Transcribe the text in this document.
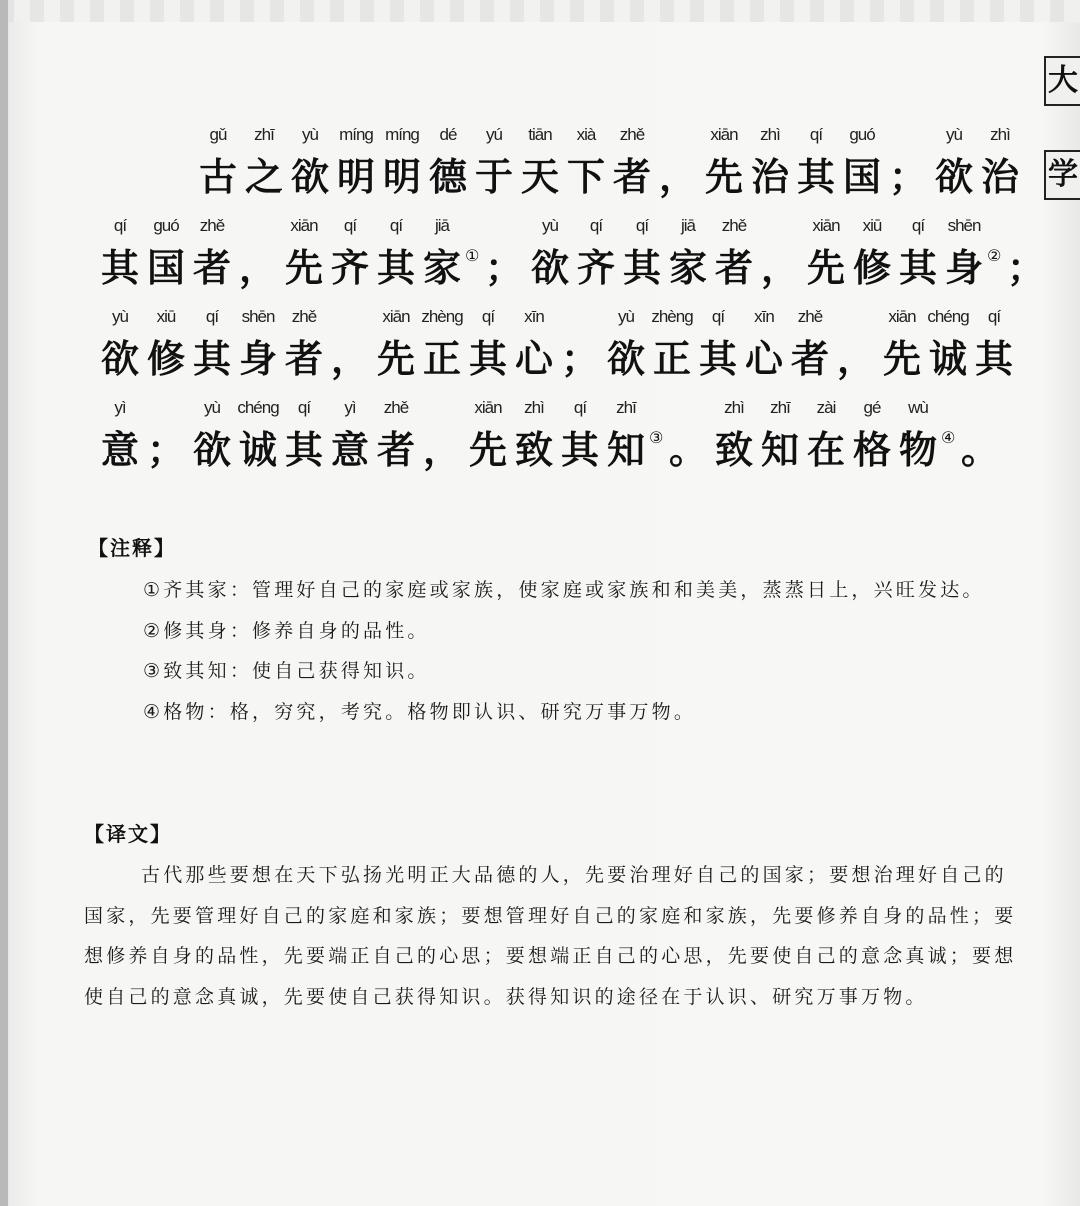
大
学
gǔ
古
zhī
之
yù
欲
míng
明
míng
明
dé
德
yú
于
tiān
天
xià
下
zhě
者 ，
xiān
先
zhì
治
qí
其
guó
国 ；
yù
欲
zhì
治
qí
其
guó
国
zhě
者 ，
xiān
先
qí
齐
qí
其
jiā
家 ① ；
yù
欲
qí
齐
qí
其
jiā
家
zhě
者 ，
xiān
先
xiū
修
qí
其
shēn
身 ② ；
yù
欲
xiū
修
qí
其
shēn
身
zhě
者 ，
xiān
先
zhèng
正
qí
其
xīn
心 ；
yù
欲
zhèng
正
qí
其
xīn
心
zhě
者 ，
xiān
先
chéng
诚
qí
其
yì
意 ；
yù
欲
chéng
诚
qí
其
yì
意
zhě
者 ，
xiān
先
zhì
致
qí
其
zhī
知 ③ 。
zhì
致
zhī
知
zài
在
gé
格
wù
物 ④ 。
【注释】

①齐其家：管理好自己的家庭或家族，使家庭或家族和和美美，蒸蒸日上，兴旺发达。

②修其身：修养自身的品性。

③致其知：使自己获得知识。

④格物：格，穷究，考究。格物即认识、研究万事万物。

【译文】

古代那些要想在天下弘扬光明正大品德的人，先要治理好自己的国家；要想治理好自己的国家，先要管理好自己的家庭和家族；要想管理好自己的家庭和家族，先要修养自身的品性；要想修养自身的品性，先要端正自己的心思；要想端正自己的心思，先要使自己的意念真诚；要想使自己的意念真诚，先要使自己获得知识。获得知识的途径在于认识、研究万事万物。
